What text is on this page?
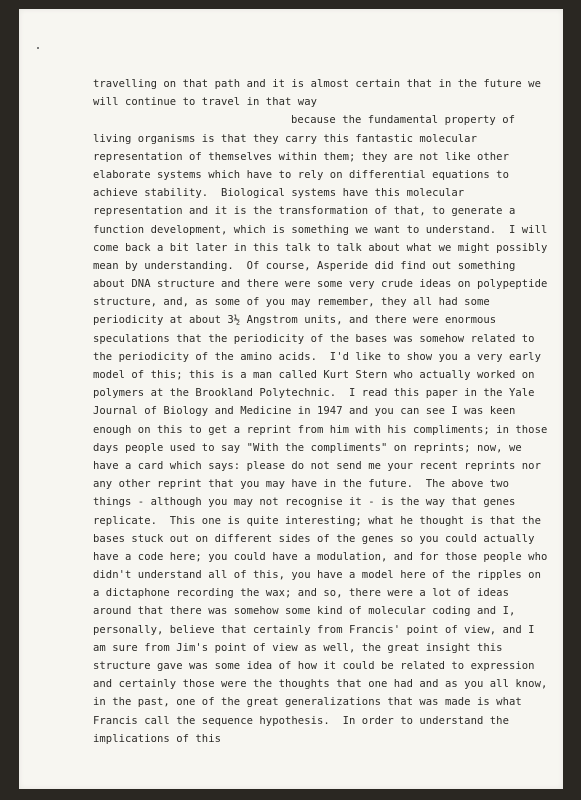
travelling on that path and it is almost certain that in the future we
will continue to travel in that way
because the fundamental property of
living organisms is that they carry this fantastic molecular
representation of themselves within them; they are not like other
elaborate systems which have to rely on differential equations to
achieve stability.  Biological systems have this molecular
representation and it is the transformation of that, to generate a
function development, which is something we want to understand.  I will
come back a bit later in this talk to talk about what we might possibly
mean by understanding.  Of course, Asperide did find out something
about DNA structure and there were some very crude ideas on polypeptide
structure, and, as some of you may remember, they all had some
periodicity at about 3½ Angstrom units, and there were enormous
speculations that the periodicity of the bases was somehow related to
the periodicity of the amino acids.  I'd like to show you a very early
model of this; this is a man called Kurt Stern who actually worked on
polymers at the Brookland Polytechnic.  I read this paper in the Yale
Journal of Biology and Medicine in 1947 and you can see I was keen
enough on this to get a reprint from him with his compliments; in those
days people used to say "With the compliments" on reprints; now, we
have a card which says: please do not send me your recent reprints nor
any other reprint that you may have in the future.  The above two
things - although you may not recognise it - is the way that genes
replicate.  This one is quite interesting; what he thought is that the
bases stuck out on different sides of the genes so you could actually
have a code here; you could have a modulation, and for those people who
didn't understand all of this, you have a model here of the ripples on
a dictaphone recording the wax; and so, there were a lot of ideas
around that there was somehow some kind of molecular coding and I,
personally, believe that certainly from Francis' point of view, and I
am sure from Jim's point of view as well, the great insight this
structure gave was some idea of how it could be related to expression
and certainly those were the thoughts that one had and as you all know,
in the past, one of the great generalizations that was made is what
Francis call the sequence hypothesis.  In order to understand the
implications of this
